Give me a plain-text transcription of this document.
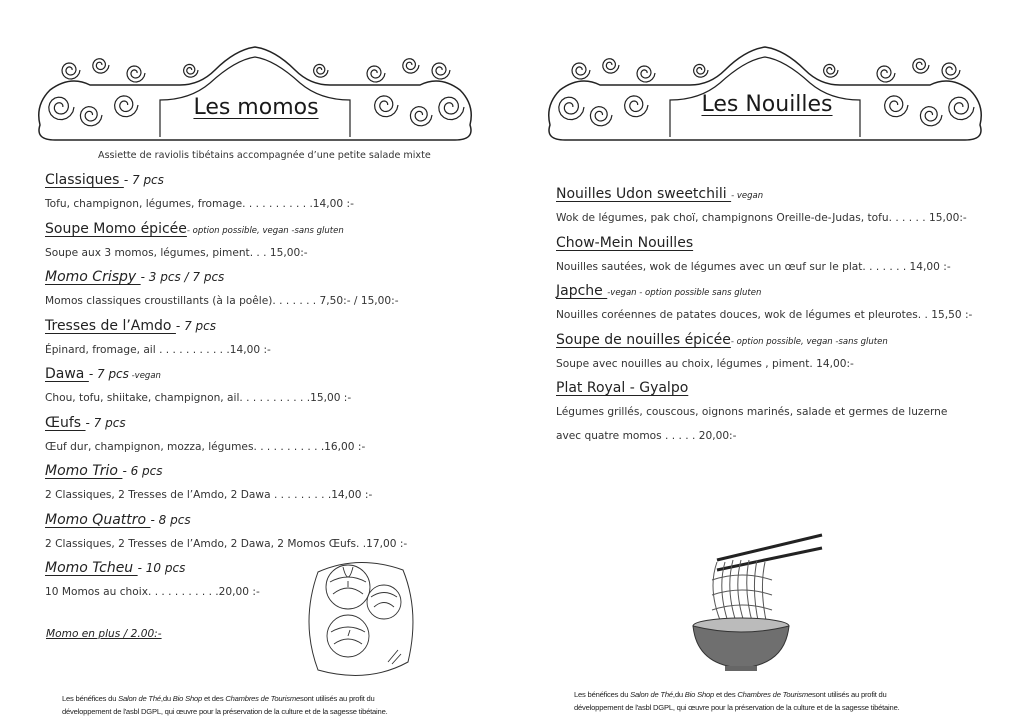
Les momos
Assiette de raviolis tibétains accompagnée d’une petite salade mixte
Classiques - 7 pcs
Tofu, champignon, légumes, fromage. . . . . . . . . . .14,00 :-
Soupe Momo épicée- option possible, vegan -sans gluten
Soupe aux 3 momos, légumes, piment. . . 15,00:-
Momo Crispy - 3 pcs / 7 pcs
Momos classiques croustillants (à la poêle). . . . . . . 7,50:- / 15,00:-
Tresses de l’Amdo - 7 pcs
Épinard, fromage, ail . . . . . . . . . . .14,00 :-
Dawa - 7 pcs -vegan
Chou, tofu, shiitake, champignon, ail. . . . . . . . . . .15,00 :-
Œufs - 7 pcs
Œuf dur, champignon, mozza, légumes. . . . . . . . . . .16,00 :-
Momo Trio - 6 pcs
2 Classiques, 2 Tresses de l’Amdo, 2 Dawa . . . . . . . . .14,00 :-
Momo Quattro - 8 pcs
2 Classiques, 2 Tresses de l’Amdo, 2 Dawa, 2 Momos Œufs. .17,00 :-
Momo Tcheu - 10 pcs
10 Momos au choix. . . . . . . . . . .20,00 :-
Momo en plus / 2.00:-
Les bénéfices du Salon de Thé,du Bio Shop et des Chambres de Tourismesont utilisés au profit du
développement de l'asbl DGPL, qui œuvre pour la préservation de la culture et de la sagesse tibétaine.
Les Nouilles
Nouilles Udon sweetchili - vegan
Wok de légumes, pak choï, champignons Oreille-de-Judas, tofu. . . . . . 15,00:-
Chow-Mein Nouilles
Nouilles sautées, wok de légumes avec un œuf sur le plat. . . . . . . 14,00 :-
Japche -vegan - option possible sans gluten
Nouilles coréennes de patates douces, wok de légumes et pleurotes. . 15,50 :-
Soupe de nouilles épicée- option possible, vegan -sans gluten
Soupe avec nouilles au choix, légumes , piment. 14,00:-
Plat Royal - Gyalpo
Légumes grillés, couscous, oignons marinés, salade et germes de luzerne
avec quatre momos . . . . . 20,00:-
Les bénéfices du Salon de Thé,du Bio Shop et des Chambres de Tourismesont utilisés au profit du
développement de l'asbl DGPL, qui œuvre pour la préservation de la culture et de la sagesse tibétaine.
